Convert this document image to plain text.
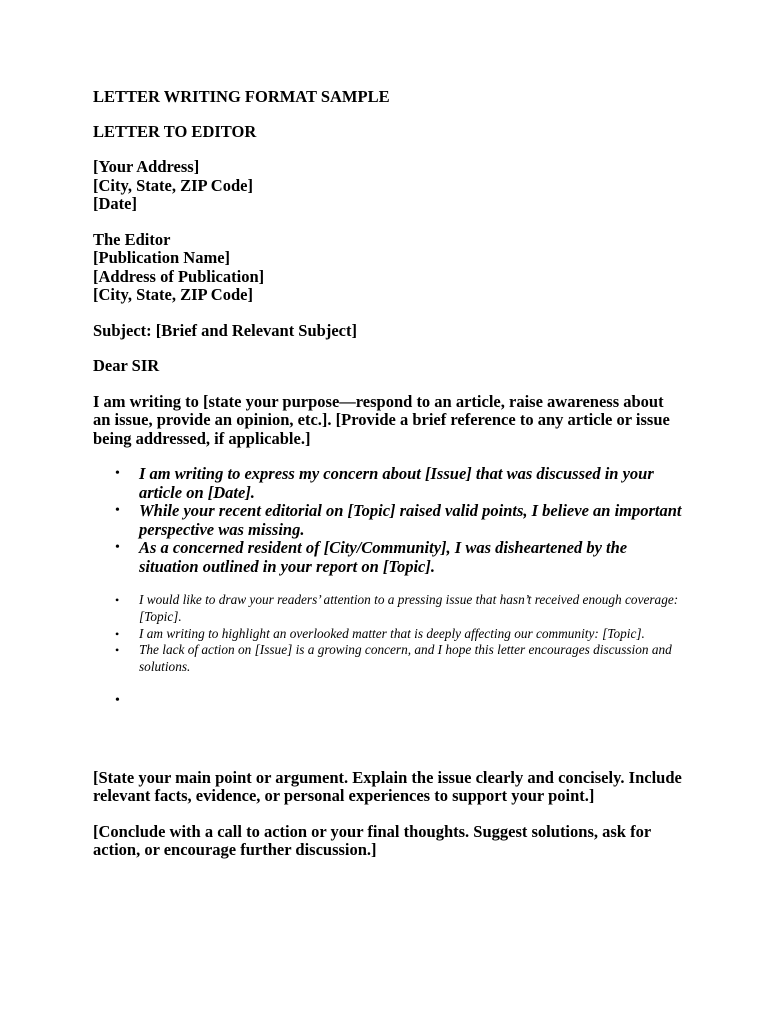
LETTER WRITING FORMAT SAMPLE
LETTER TO EDITOR
[Your Address]
[City, State, ZIP Code]
[Date]
The Editor
[Publication Name]
[Address of Publication]
[City, State, ZIP Code]
Subject: [Brief and Relevant Subject]
Dear SIR

I am writing to [state your purpose—respond to an article, raise awareness about an issue, provide an opinion, etc.]. [Provide a brief reference to any article or issue being addressed, if applicable.]

• I am writing to express my concern about [Issue] that was discussed in your article on [Date].
• While your recent editorial on [Topic] raised valid points, I believe an important perspective was missing.
• As a concerned resident of [City/Community], I was disheartened by the situation outlined in your report on [Topic].
• I would like to draw your readers’ attention to a pressing issue that hasn’t received enough coverage: [Topic].
• I am writing to highlight an overlooked matter that is deeply affecting our community: [Topic].
• The lack of action on [Issue] is a growing concern, and I hope this letter encourages discussion and solutions.
•

[State your main point or argument. Explain the issue clearly and concisely. Include relevant facts, evidence, or personal experiences to support your point.]

[Conclude with a call to action or your final thoughts. Suggest solutions, ask for action, or encourage further discussion.]
